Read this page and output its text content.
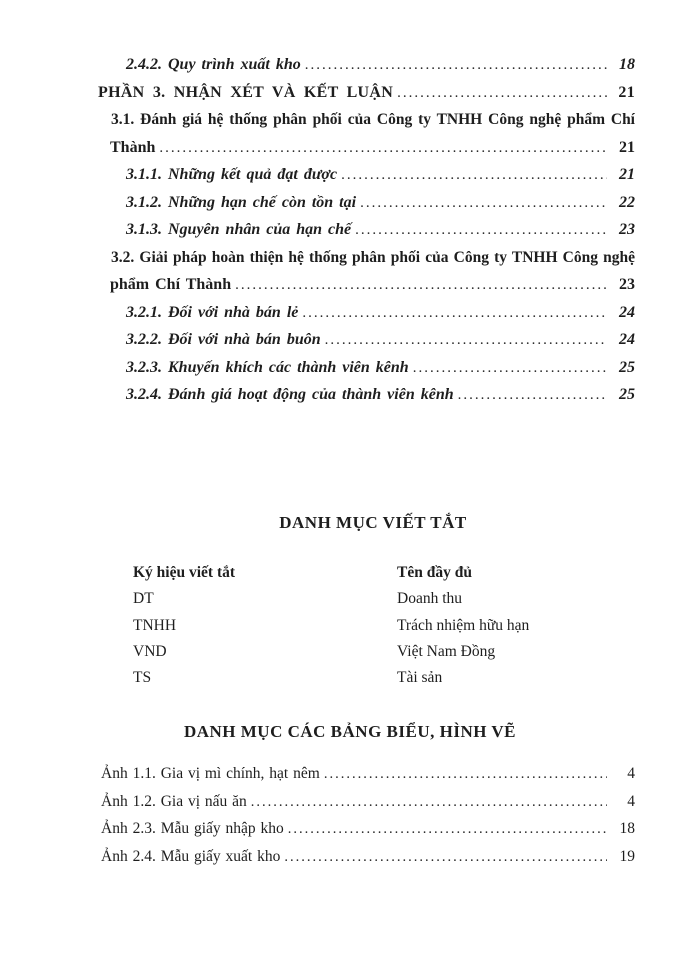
2.4.2. Quy trình xuất kho .....	18
PHẦN 3. NHẬN XÉT VÀ KẾT LUẬN .....	21
3.1. Đánh giá hệ thống phân phối của Công ty TNHH Công nghệ phẩm Chí
Thành .....	21
3.1.1. Những kết quả đạt được .....	21
3.1.2. Những hạn chế còn tồn tại .....	22
3.1.3. Nguyên nhân của hạn chế .....	23
3.2. Giải pháp hoàn thiện hệ thống phân phối của Công ty TNHH Công nghệ
phẩm Chí Thành .....	23
3.2.1. Đối với nhà bán lẻ .....	24
3.2.2. Đối với nhà bán buôn .....	24
3.2.3. Khuyến khích các thành viên kênh .....	25
3.2.4. Đánh giá hoạt động của thành viên kênh .....	25
DANH MỤC VIẾT TẮT
Ký hiệu viết tắt	Tên đầy đủ
DT	Doanh thu
TNHH	Trách nhiệm hữu hạn
VND	Việt Nam Đồng
TS	Tài sản
DANH MỤC CÁC BẢNG BIỂU, HÌNH VẼ
Ảnh 1.1. Gia vị mì chính, hạt nêm .....	4
Ảnh 1.2. Gia vị nấu ăn .....	4
Ảnh 2.3. Mẫu giấy nhập kho .....	18
Ảnh 2.4. Mẫu giấy xuất kho .....	19
